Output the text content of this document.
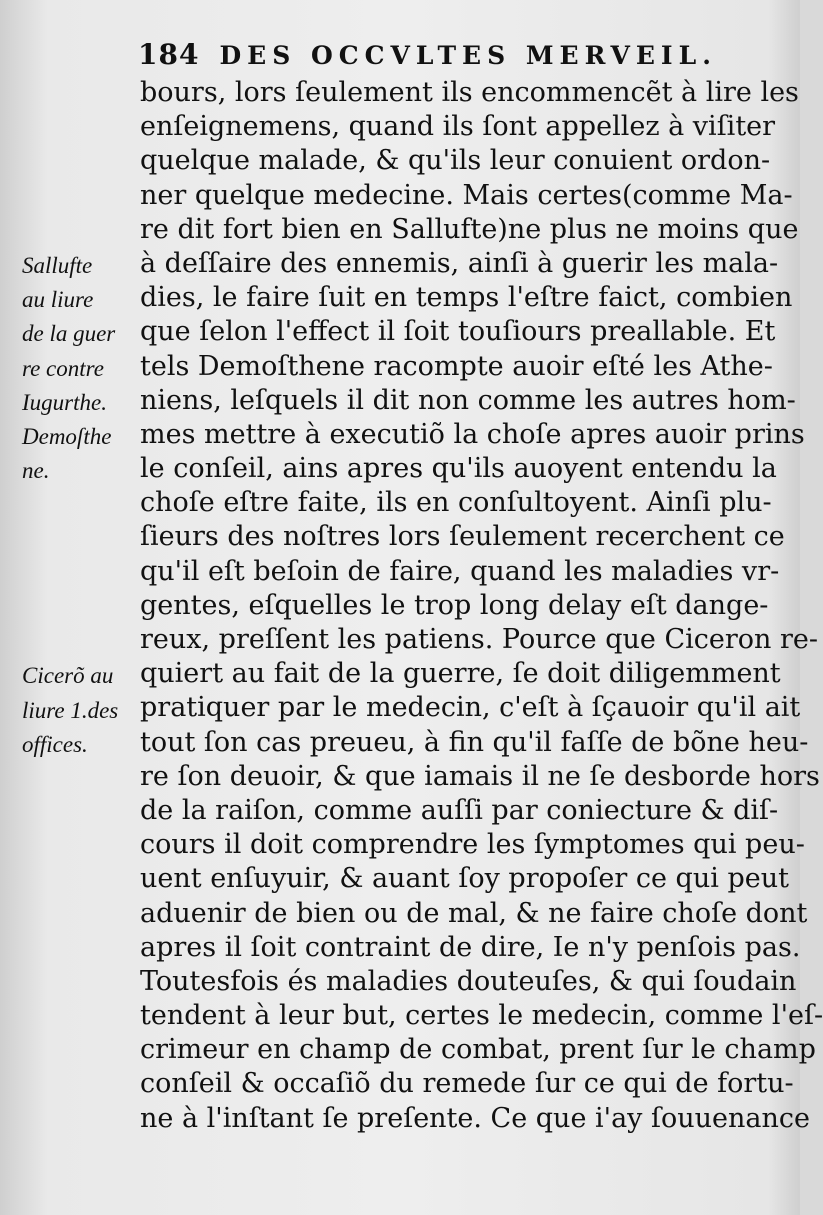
184 DES OCCVLTES MERVEIL.
bours, lors ſeulement ils encommencẽt à lire les
enſeignemens, quand ils ſont appellez à viſiter
quelque malade, & qu'ils leur conuient ordon-
ner quelque medecine. Mais certes(comme Ma-
re dit fort bien en Sallufte)ne plus ne moins que
à deſſaire des ennemis, ainſi à guerir les mala-
dies, le faire ſuit en temps l'eſtre faict, combien
que ſelon l'effect il ſoit touſiours preallable. Et
tels Demoſthene racompte auoir eſté les Athe-
niens, leſquels il dit non comme les autres hom-
mes mettre à executiõ la choſe apres auoir prins
le conſeil, ains apres qu'ils auoyent entendu la
choſe eſtre faite, ils en conſultoyent. Ainſi plu-
ſieurs des noſtres lors ſeulement recerchent ce
qu'il eſt beſoin de faire, quand les maladies vr-
gentes, eſquelles le trop long delay eſt dange-
reux, preſſent les patiens. Pource que Ciceron re-
quiert au fait de la guerre, ſe doit diligemment
pratiquer par le medecin, c'eſt à ſçauoir qu'il ait
tout ſon cas preueu, à fin qu'il faſſe de bõne heu-
re ſon deuoir, & que iamais il ne ſe desborde hors
de la raiſon, comme auſſi par coniecture & diſ-
cours il doit comprendre les ſymptomes qui peu-
uent enſuyuir, & auant ſoy propoſer ce qui peut
aduenir de bien ou de mal, & ne faire choſe dont
apres il ſoit contraint de dire, Ie n'y penſois pas.
Toutesfois és maladies douteuſes, & qui ſoudain
tendent à leur but, certes le medecin, comme l'eſ-
crimeur en champ de combat, prent ſur le champ
conſeil & occaſiõ du remede ſur ce qui de fortu-
ne à l'inſtant ſe preſente. Ce que i'ay ſouuenance
Sallufte
au liure
de la guer
re contre
Iugurthe.
Demoſthe
ne.
Cicerõ au
liure 1.des
offices.
